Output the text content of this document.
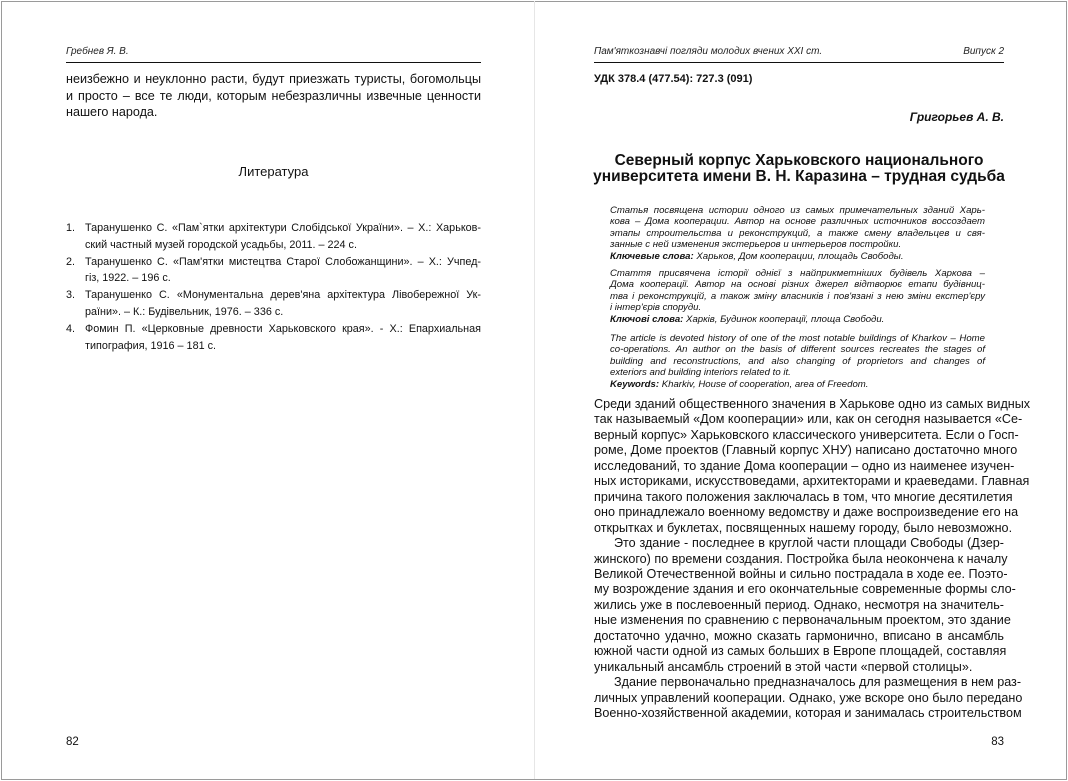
Гребнев Я. В.
неизбежно и неуклонно расти, будут приезжать туристы, богомольцы
и просто – все те люди, которым небезразличны извечные ценности
нашего народа.
Литература
1. Таранушенко С. «Пам`ятки архітектури Слобідської України». – Х.: Харьков-
ский частный музей городской усадьбы, 2011. – 224 с.
2. Таранушенко С. «Пам'ятки мистецтва Старої Слобожанщини». – Х.: Учпед-
гіз, 1922. – 196 с.
3. Таранушенко С. «Монументальна дерев'яна архітектура Лівобережної Ук-
раїни». – К.: Будівельник, 1976. – 336 с.
4. Фомин П. «Церковные древности Харьковского края». - Х.: Епархиальная
типография, 1916 – 181 с.
82
Пам'яткознавчі погляди молодих вчених XXI ст.	Випуск 2
УДК 378.4 (477.54): 727.3 (091)
Григорьев А. В.
Северный корпус Харьковского национального
университета имени В. Н. Каразина – трудная судьба
Статья посвящена истории одного из самых примечательных зданий Харь-
кова – Дома кооперации. Автор на основе различных источников воссоздает
этапы строительства и реконструкций, а также смену владельцев и свя-
занные с ней изменения экстерьеров и интерьеров постройки.
Ключевые слова: Харьков, Дом кооперации, площадь Свободы.
Стаття присвячена історії однієї з найприкметніших будівель Харкова –
Дома кооперації. Автор на основі різних джерел відтворює етапи будівниц-
тва і реконструкцій, а також зміну власників і пов'язані з нею зміни екстер'єру
і інтер'єрів споруди.
Ключові слова: Харків, Будинок кооперації, площа Свободи.
The article is devoted history of one of the most notable buildings of Kharkov – Home
co-operations. An author on the basis of different sources recreates the stages of
building and reconstructions, and also changing of proprietors and changes of
exteriors and building interiors related to it.
Keywords: Kharkiv, House of cooperation, area of Freedom.
Среди зданий общественного значения в Харькове одно из самых видных
так называемый «Дом кооперации» или, как он сегодня называется «Се-
верный корпус» Харьковского классического университета. Если о Госп-
роме, Доме проектов (Главный корпус ХНУ) написано достаточно много
исследований, то здание Дома кооперации – одно из наименее изучен-
ных историками, искусствоведами, архитекторами и краеведами. Главная
причина такого положения заключалась в том, что многие десятилетия
оно принадлежало военному ведомству и даже воспроизведение его на
открытках и буклетах, посвященных нашему городу, было невозможно.
Это здание - последнее в круглой части площади Свободы (Дзер-
жинского) по времени создания. Постройка была неокончена к началу
Великой Отечественной войны и сильно пострадала в ходе ее. Поэто-
му возрождение здания и его окончательные современные формы сло-
жились уже в послевоенный период. Однако, несмотря на значитель-
ные изменения по сравнению с первоначальным проектом, это здание
достаточно удачно, можно сказать гармонично, вписано в ансамбль
южной части одной из самых больших в Европе площадей, составляя
уникальный ансамбль строений в этой части «первой столицы».
Здание первоначально предназначалось для размещения в нем раз-
личных управлений кооперации. Однако, уже вскоре оно было передано
Военно-хозяйственной академии, которая и занималась строительством
83
